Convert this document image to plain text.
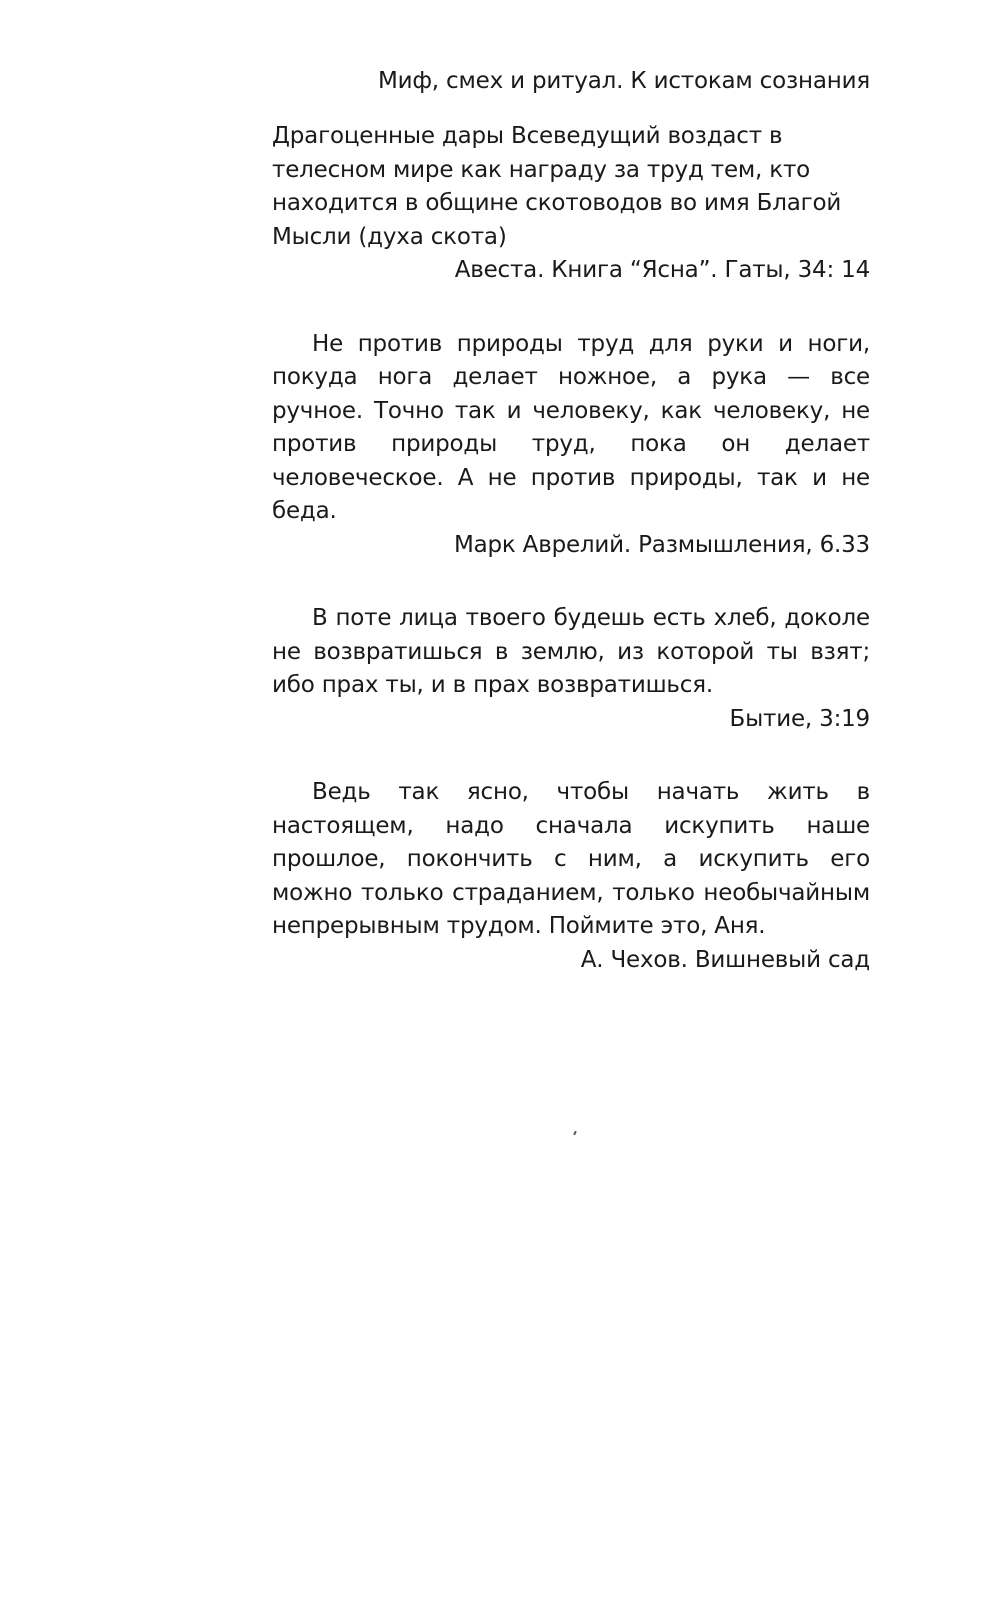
Миф, смех и ритуал. К истокам сознания

Драгоценные дары Всеведущий воздаст в телесном мире как награду за труд тем, кто находится в общине скотоводов во имя Благой Мысли (духа скота)

Авеста. Книга “Ясна”. Гаты, 34: 14

Не против природы труд для руки и ноги, покуда нога делает ножное, а рука — все ручное. Точно так и человеку, как человеку, не против природы труд, пока он делает человеческое. А не против природы, так и не беда.

Марк Аврелий. Размышления, 6.33

В поте лица твоего будешь есть хлеб, доколе не возвратишься в землю, из которой ты взят; ибо прах ты, и в прах возвратишься.

Бытие, 3:19

Ведь так ясно, чтобы начать жить в настоящем, надо сначала искупить наше прошлое, покончить с ним, а искупить его можно только страданием, только необычайным непрерывным трудом. Поймите это, Аня.

А. Чехов. Вишневый сад
